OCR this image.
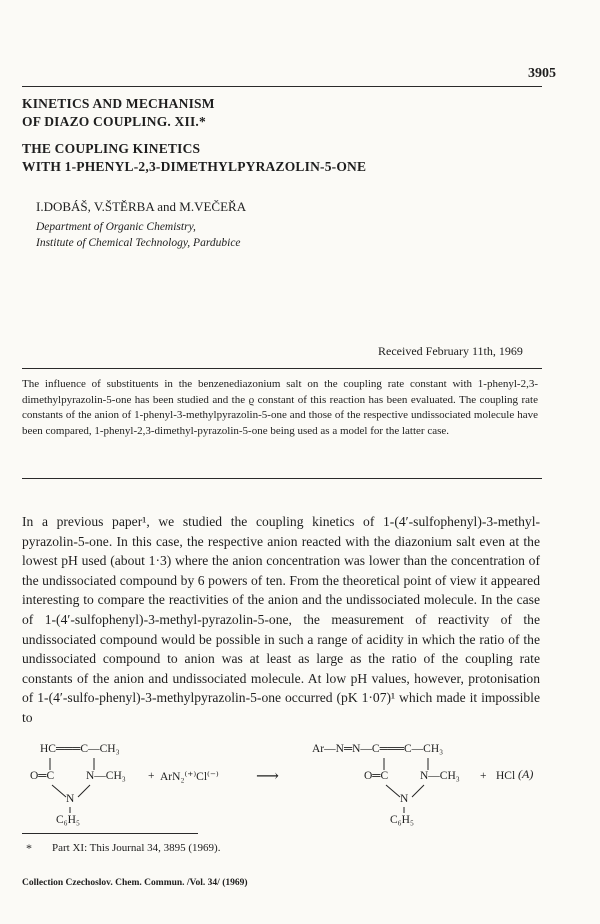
3905
KINETICS AND MECHANISM
OF DIAZO COUPLING. XII.*
THE COUPLING KINETICS
WITH 1-PHENYL-2,3-DIMETHYLPYRAZOLIN-5-ONE
I.DOBÁŠ, V.ŠTĚRBA and M.VEČEŘA
Department of Organic Chemistry,
Institute of Chemical Technology, Pardubice
Received February 11th, 1969
The influence of substituents in the benzenediazonium salt on the coupling rate constant with 1-phenyl-2,3-dimethylpyrazolin-5-one has been studied and the ϱ constant of this reaction has been evaluated. The coupling rate constants of the anion of 1-phenyl-3-methylpyrazolin-5-one and those of the respective undissociated molecule have been compared, 1-phenyl-2,3-dimethyl-pyrazolin-5-one being used as a model for the latter case.

In a previous paper¹, we studied the coupling kinetics of 1-(4′-sulfophenyl)-3-methyl-pyrazolin-5-one. In this case, the respective anion reacted with the diazonium salt even at the lowest pH used (about 1·3) where the anion concentration was lower than the concentration of the undissociated compound by 6 powers of ten. From the theoretical point of view it appeared interesting to compare the reactivities of the anion and the undissociated molecule. In the case of 1-(4′-sulfophenyl)-3-methyl-pyrazolin-5-one, the measurement of reactivity of the undissociated compound would be possible in such a range of acidity in which the ratio of the undissociated compound to anion was at least as large as the ratio of the coupling rate constants of the anion and undissociated molecule. At low pH values, however, protonisation of 1-(4′-sulfo-phenyl)-3-methylpyrazolin-5-one occurred (pK 1·07)¹ which made it impossible to

HC═══C—CH₃
O═C	N—CH₃
N
C₆H₅
+ ArN₂⁽⁺⁾Cl⁽⁻⁾ ⟶
Ar—N═N—C═══C—CH₃
O═C	N—CH₃ + HCl
N
C₆H₅
(A)
* Part XI: This Journal 34, 3895 (1969).
Collection Czechoslov. Chem. Commun. /Vol. 34/ (1969)
